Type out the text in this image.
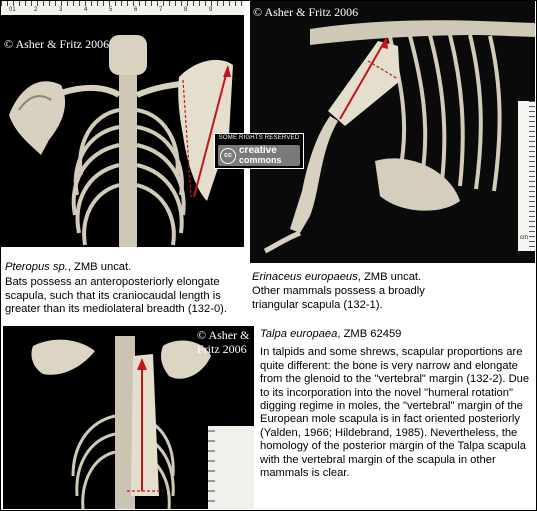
01	2	3	4	5	6	7	8	9
© Asher & Fritz 2006
cm
© Asher & Fritz 2006
SOME RIGHTS RESERVED
cc creative
commons

Pteropus sp., ZMB uncat.

Bats possess an anteroposteriorly elongate scapula, such that its craniocaudal length is greater than its mediolateral breadth (132-0).

Erinaceus europaeus, ZMB uncat.

Other mammals possess a broadly triangular scapula (132-1).

© Asher & Fritz 2006

Talpa europaea, ZMB 62459

In talpids and some shrews, scapular proportions are quite different: the bone is very narrow and elongate from the glenoid to the "vertebral" margin (132-2). Due to its incorporation into the novel "humeral rotation" digging regime in moles, the "vertebral" margin of the European mole scapula is in fact oriented posteriorly (Yalden, 1966; Hildebrand, 1985). Nevertheless, the homology of the posterior margin of the Talpa scapula with the vertebral margin of the scapula in other mammals is clear.
